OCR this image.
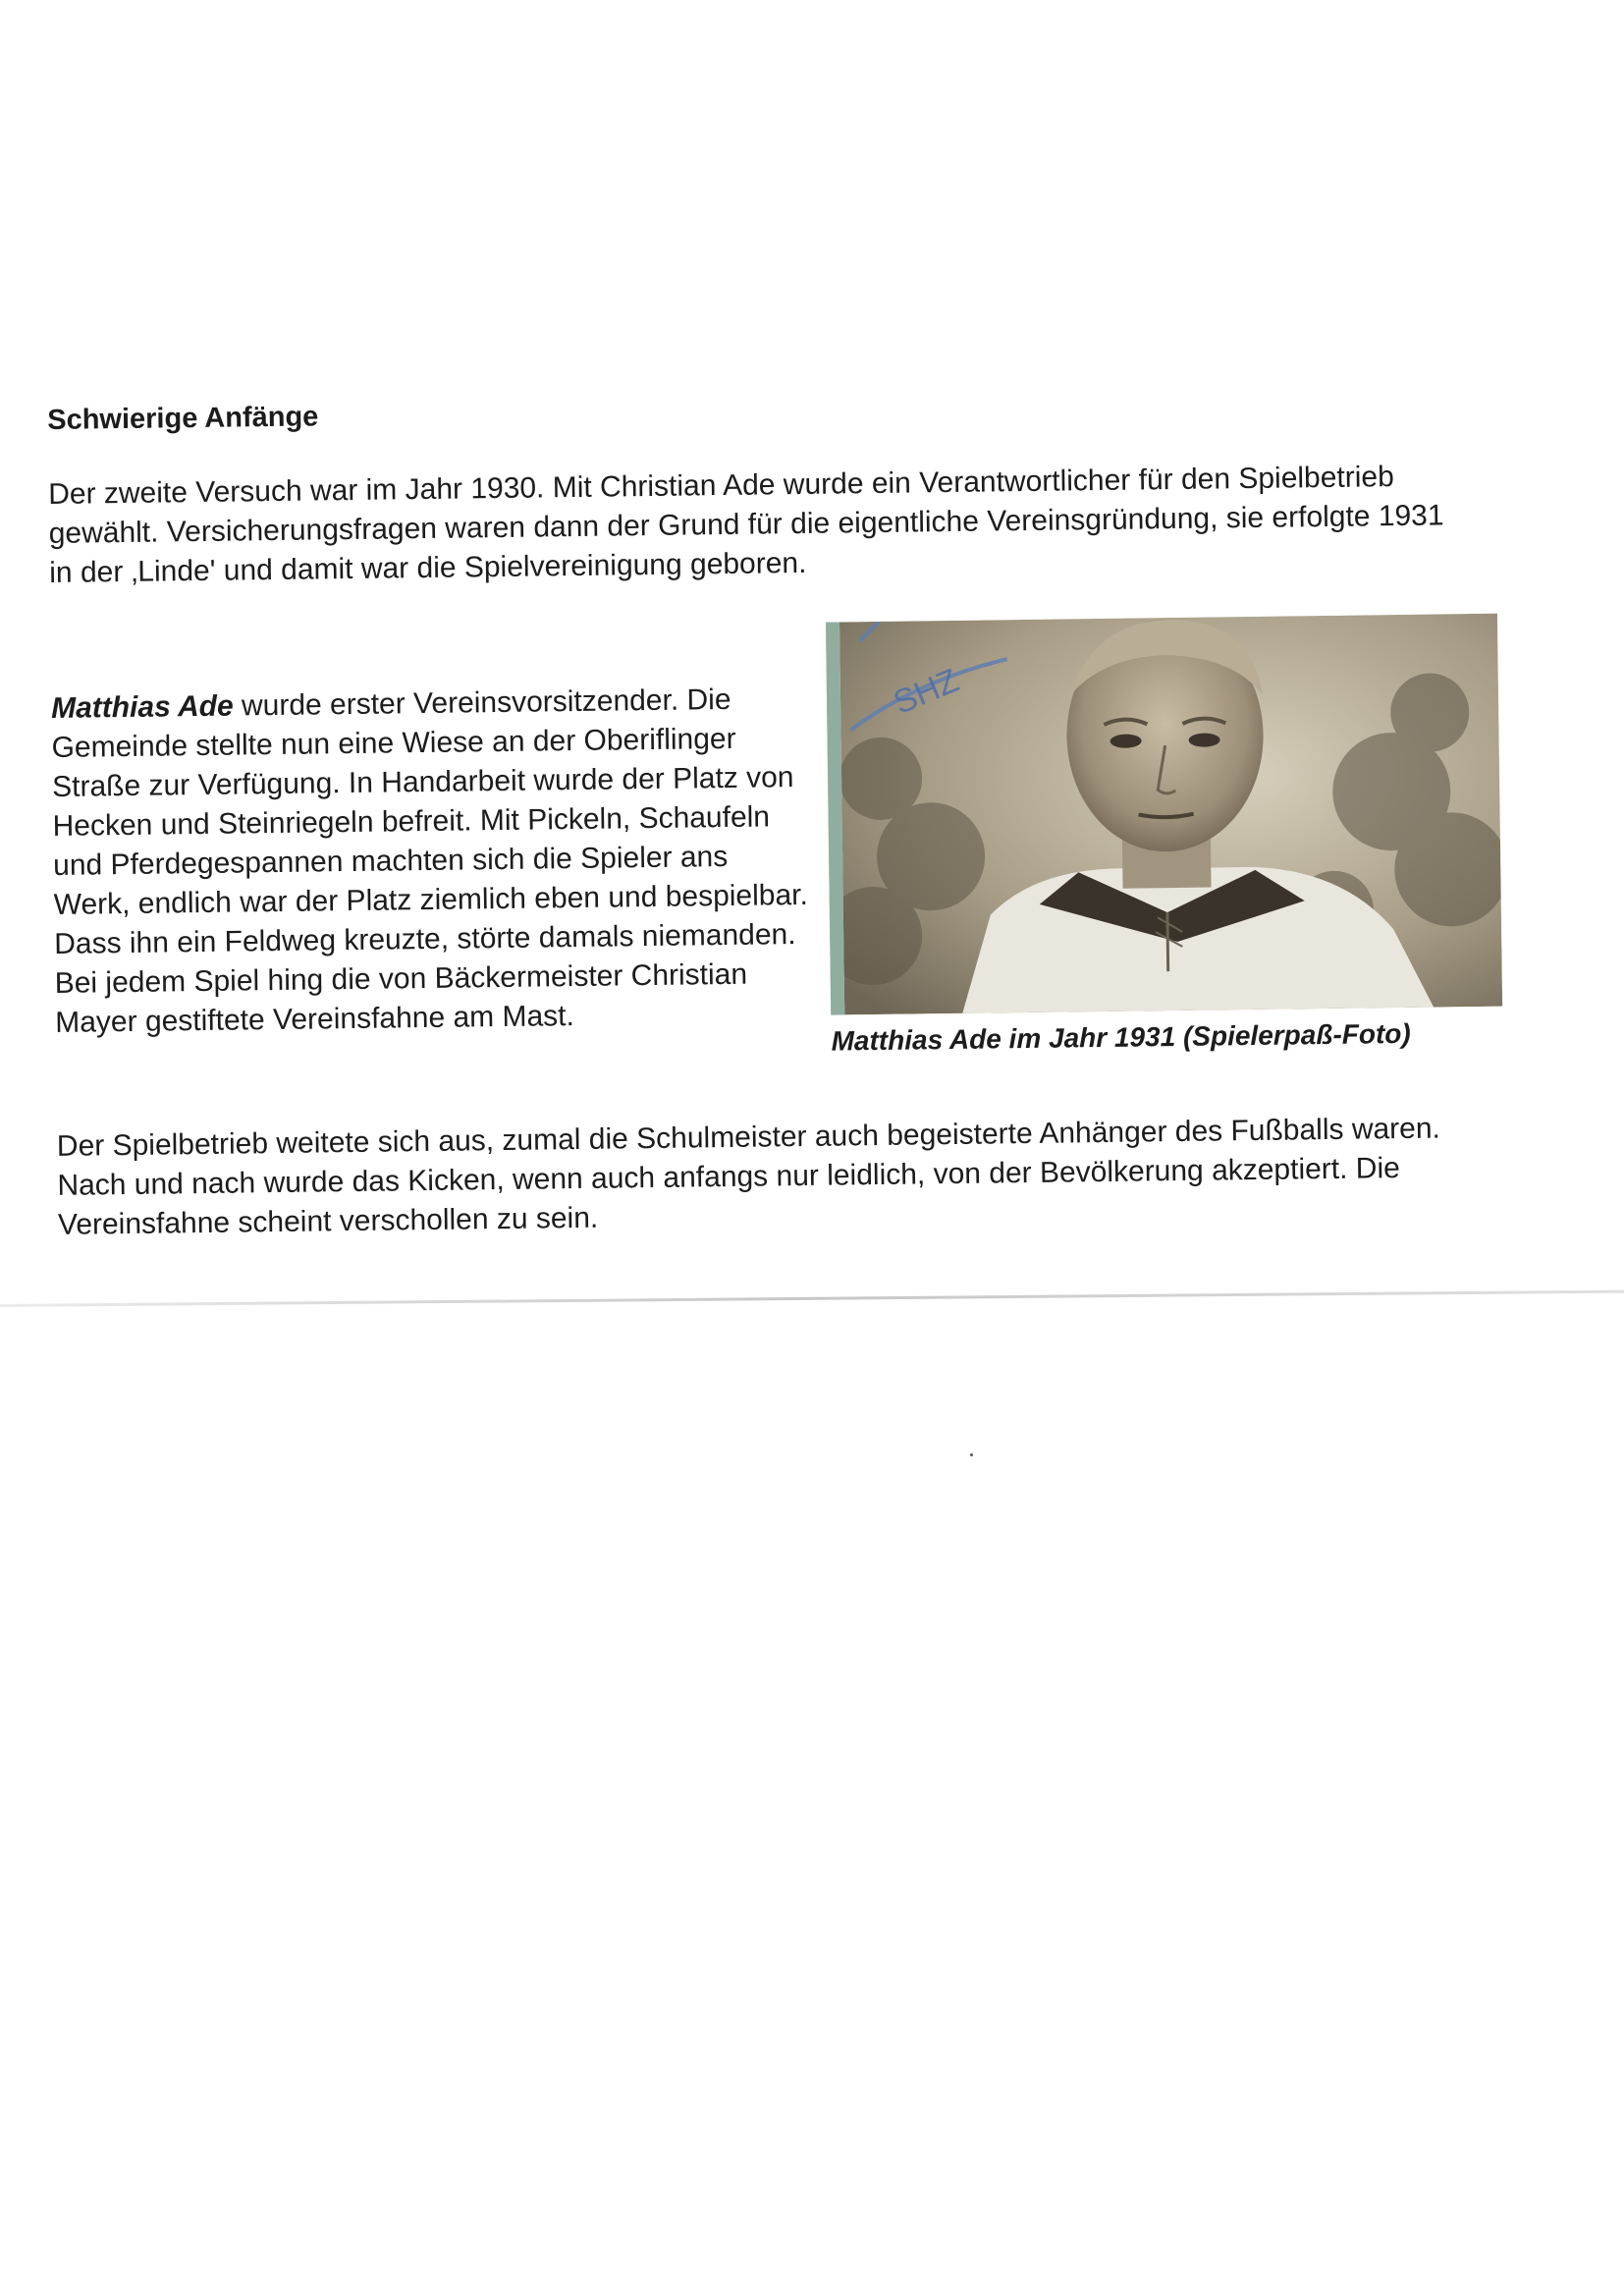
Schwierige Anfänge

Der zweite Versuch war im Jahr 1930. Mit Christian Ade wurde ein Verantwortlicher für den Spielbetrieb gewählt. Versicherungsfragen waren dann der Grund für die eigentliche Vereinsgründung, sie erfolgte 1931 in der ‚Linde' und damit war die Spielvereinigung geboren.

Matthias Ade wurde erster Vereinsvorsitzender. Die Gemeinde stellte nun eine Wiese an der Oberiflinger Straße zur Verfügung. In Handarbeit wurde der Platz von Hecken und Steinriegeln befreit. Mit Pickeln, Schaufeln und Pferdegespannen machten sich die Spieler ans Werk, endlich war der Platz ziemlich eben und bespielbar. Dass ihn ein Feldweg kreuzte, störte damals niemanden. Bei jedem Spiel hing die von Bäckermeister Christian Mayer gestiftete Vereinsfahne am Mast.

SHZ
Matthias Ade im Jahr 1931 (Spielerpaß-Foto)

Der Spielbetrieb weitete sich aus, zumal die Schulmeister auch begeisterte Anhänger des Fußballs waren. Nach und nach wurde das Kicken, wenn auch anfangs nur leidlich, von der Bevölkerung akzeptiert. Die Vereinsfahne scheint verschollen zu sein.
